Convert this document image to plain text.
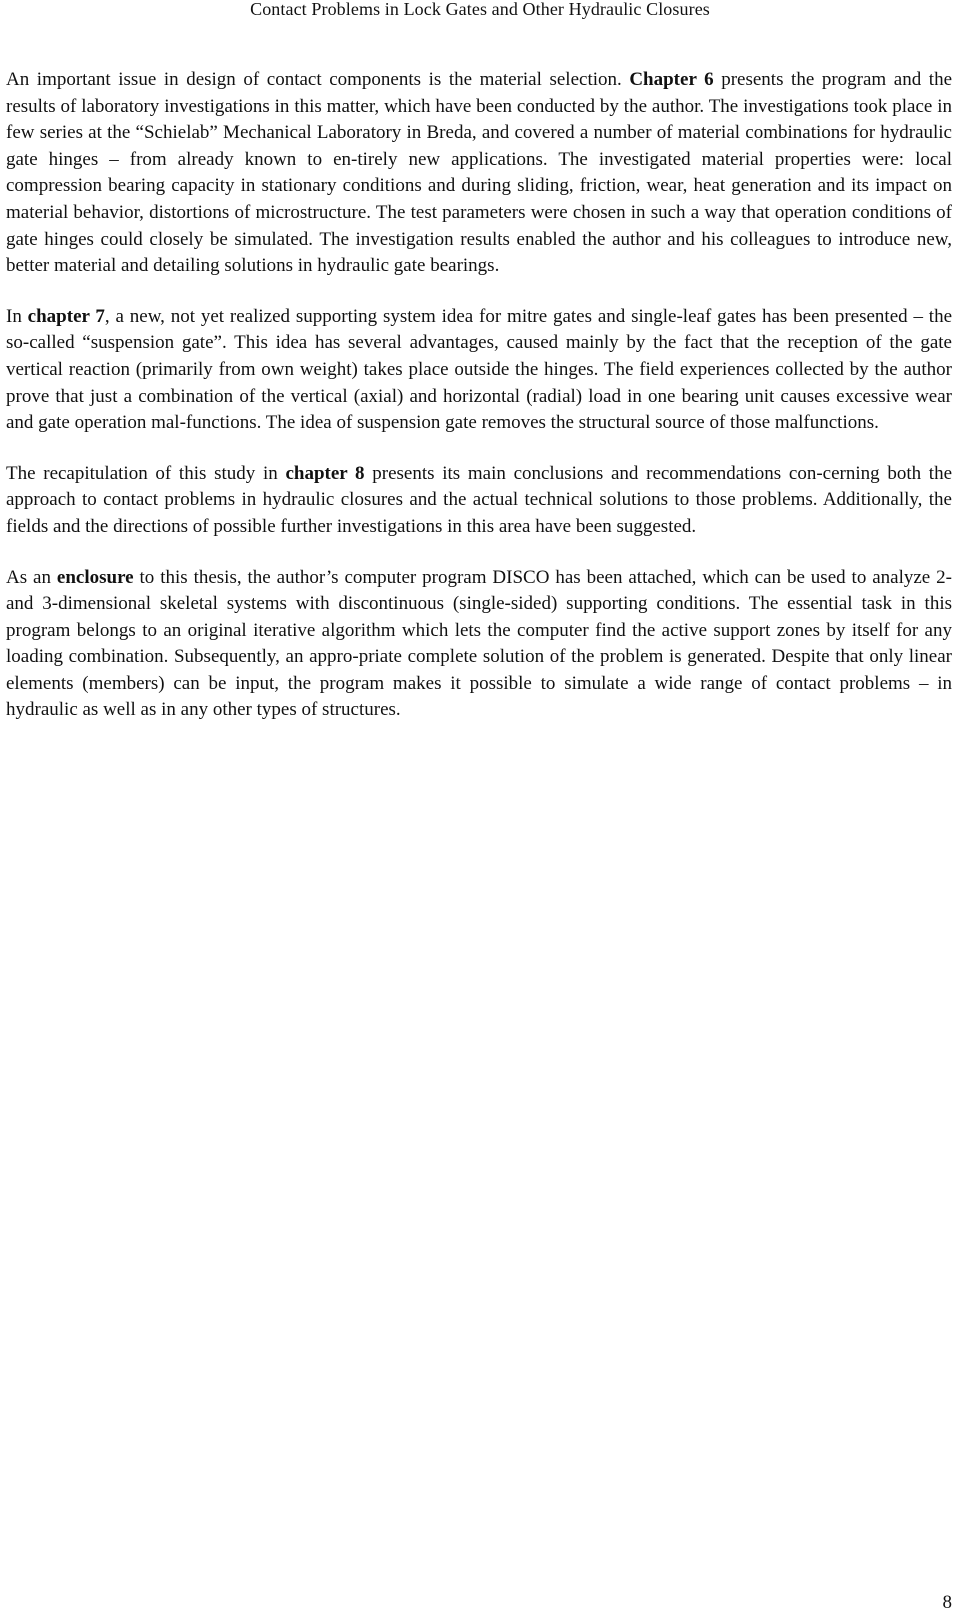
Contact Problems in Lock Gates and Other Hydraulic Closures

An important issue in design of contact components is the material selection. Chapter 6 presents the program and the results of laboratory investigations in this matter, which have been conducted by the author. The investigations took place in few series at the “Schielab” Mechanical Laboratory in Breda, and covered a number of material combinations for hydraulic gate hinges – from already known to en-tirely new applications. The investigated material properties were: local compression bearing capacity in stationary conditions and during sliding, friction, wear, heat generation and its impact on material behavior, distortions of microstructure. The test parameters were chosen in such a way that operation conditions of gate hinges could closely be simulated. The investigation results enabled the author and his colleagues to introduce new, better material and detailing solutions in hydraulic gate bearings.

In chapter 7, a new, not yet realized supporting system idea for mitre gates and single-leaf gates has been presented – the so-called “suspension gate”. This idea has several advantages, caused mainly by the fact that the reception of the gate vertical reaction (primarily from own weight) takes place outside the hinges. The field experiences collected by the author prove that just a combination of the vertical (axial) and horizontal (radial) load in one bearing unit causes excessive wear and gate operation mal-functions. The idea of suspension gate removes the structural source of those malfunctions.

The recapitulation of this study in chapter 8 presents its main conclusions and recommendations con-cerning both the approach to contact problems in hydraulic closures and the actual technical solutions to those problems. Additionally, the fields and the directions of possible further investigations in this area have been suggested.

As an enclosure to this thesis, the author’s computer program DISCO has been attached, which can be used to analyze 2- and 3-dimensional skeletal systems with discontinuous (single-sided) supporting conditions. The essential task in this program belongs to an original iterative algorithm which lets the computer find the active support zones by itself for any loading combination. Subsequently, an appro-priate complete solution of the problem is generated. Despite that only linear elements (members) can be input, the program makes it possible to simulate a wide range of contact problems – in hydraulic as well as in any other types of structures.

8
